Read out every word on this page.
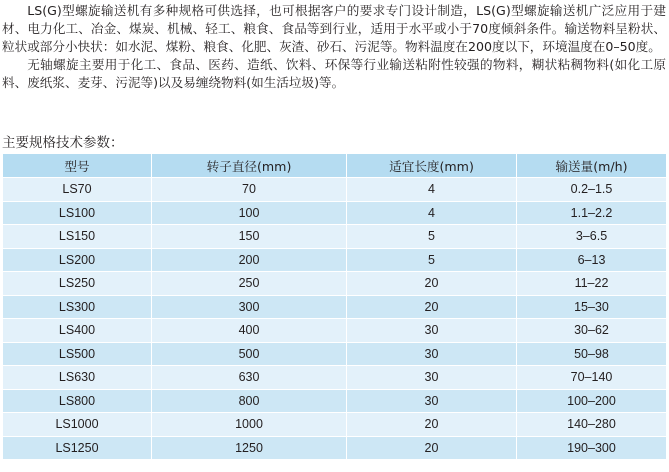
LS(G)型螺旋输送机有多种规格可供选择，也可根据客户的要求专门设计制造，LS(G)型螺旋输送机广泛应用于建材、电力化工、冶金、煤炭、机械、轻工、粮食、食品等到行业，适用于水平或小于70度倾斜条件。输送物料呈粉状、粒状或部分小快状：如水泥、煤粉、粮食、化肥、灰渣、砂石、污泥等。物料温度在200度以下，环境温度在0–50度。

无轴螺旋主要用于化工、食品、医药、造纸、饮料、环保等行业输送粘附性较强的物料，糊状粘稠物料(如化工原料、废纸浆、麦芽、污泥等)以及易缠绕物料(如生活垃圾)等。

主要规格技术参数：
型号	转子直径(mm)	适宜长度(mm)	输送量(m/h)
LS70	70	4	0.2–1.5
LS100	100	4	1.1–2.2
LS150	150	5	3–6.5
LS200	200	5	6–13
LS250	250	20	11–22
LS300	300	20	15–30
LS400	400	30	30–62
LS500	500	30	50–98
LS630	630	30	70–140
LS800	800	30	100–200
LS1000	1000	20	140–280
LS1250	1250	20	190–300
